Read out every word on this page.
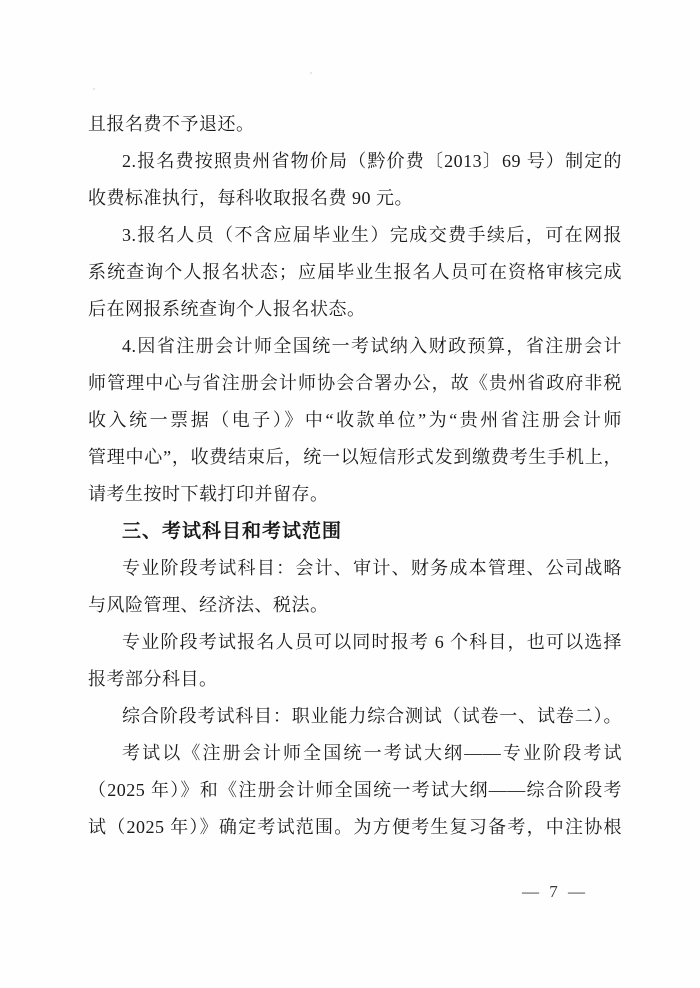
且报名费不予退还。
2.报名费按照贵州省物价局（黔价费〔2013〕69 号）制定的
收费标准执行，每科收取报名费 90 元。
3.报名人员（不含应届毕业生）完成交费手续后，可在网报
系统查询个人报名状态；应届毕业生报名人员可在资格审核完成
后在网报系统查询个人报名状态。
4.因省注册会计师全国统一考试纳入财政预算，省注册会计
师管理中心与省注册会计师协会合署办公，故《贵州省政府非税
收入统一票据（电子）》中“收款单位”为“贵州省注册会计师
管理中心”，收费结束后，统一以短信形式发到缴费考生手机上，
请考生按时下载打印并留存。
三、考试科目和考试范围
专业阶段考试科目：会计、审计、财务成本管理、公司战略
与风险管理、经济法、税法。
专业阶段考试报名人员可以同时报考 6 个科目，也可以选择
报考部分科目。
综合阶段考试科目：职业能力综合测试（试卷一、试卷二）。
考试以《注册会计师全国统一考试大纲——专业阶段考试
（2025 年）》和《注册会计师全国统一考试大纲——综合阶段考
试（2025 年）》确定考试范围。为方便考生复习备考，中注协根
— 7 —
